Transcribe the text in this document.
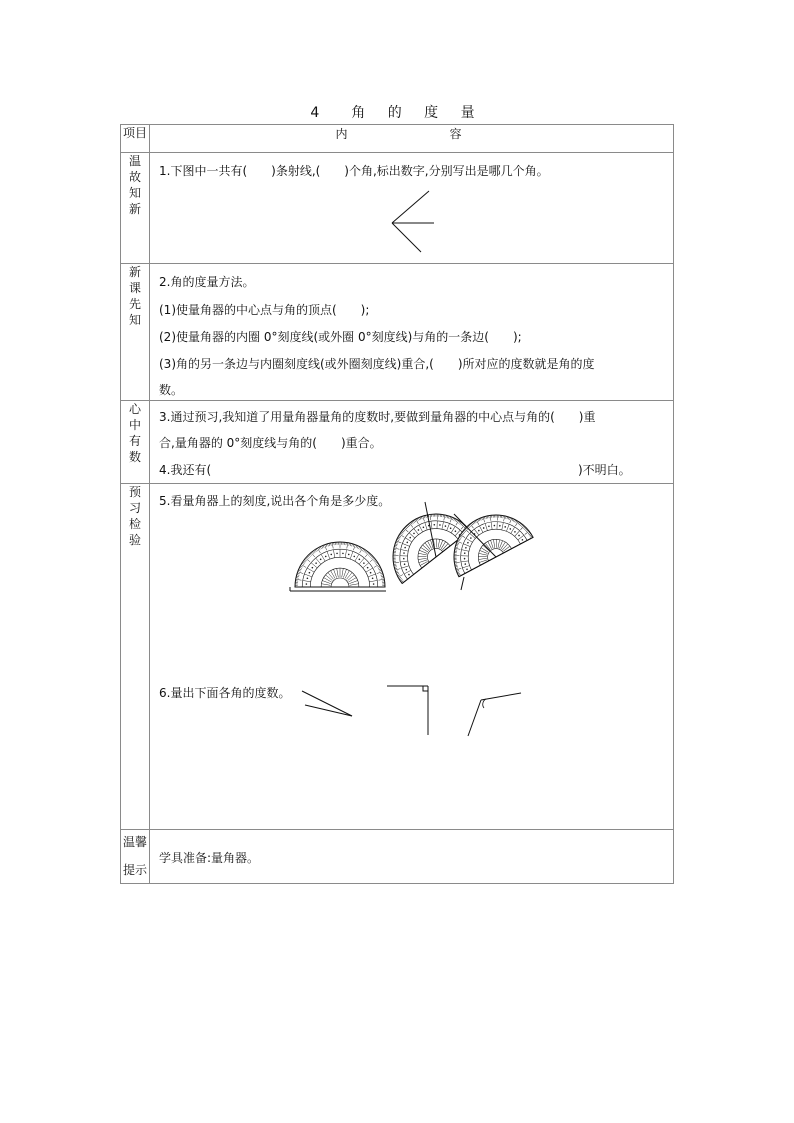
4　角 的 度 量
项目	内　　容
温故知新	1.下图中一共有(　　)条射线,(　　)个角,标出数字,分别写出是哪几个角。

新课先知	2.角的度量方法。
(1)使量角器的中心点与角的顶点(　　);
(2)使量角器的内圈 0°刻度线(或外圈 0°刻度线)与角的一条边(　　);
(3)角的另一条边与内圈刻度线(或外圈刻度线)重合,(　　)所对应的度数就是角的度
数。

心中有数	3.通过预习,我知道了用量角器量角的度数时,要做到量角器的中心点与角的(　　)重
合,量角器的 0°刻度线与角的(　　)重合。
4.我还有( )不明白。

预习检验	5.看量角器上的刻度,说出各个角是多少度。
6.量出下面各角的度数。

温馨
提示	学具准备:量角器。
